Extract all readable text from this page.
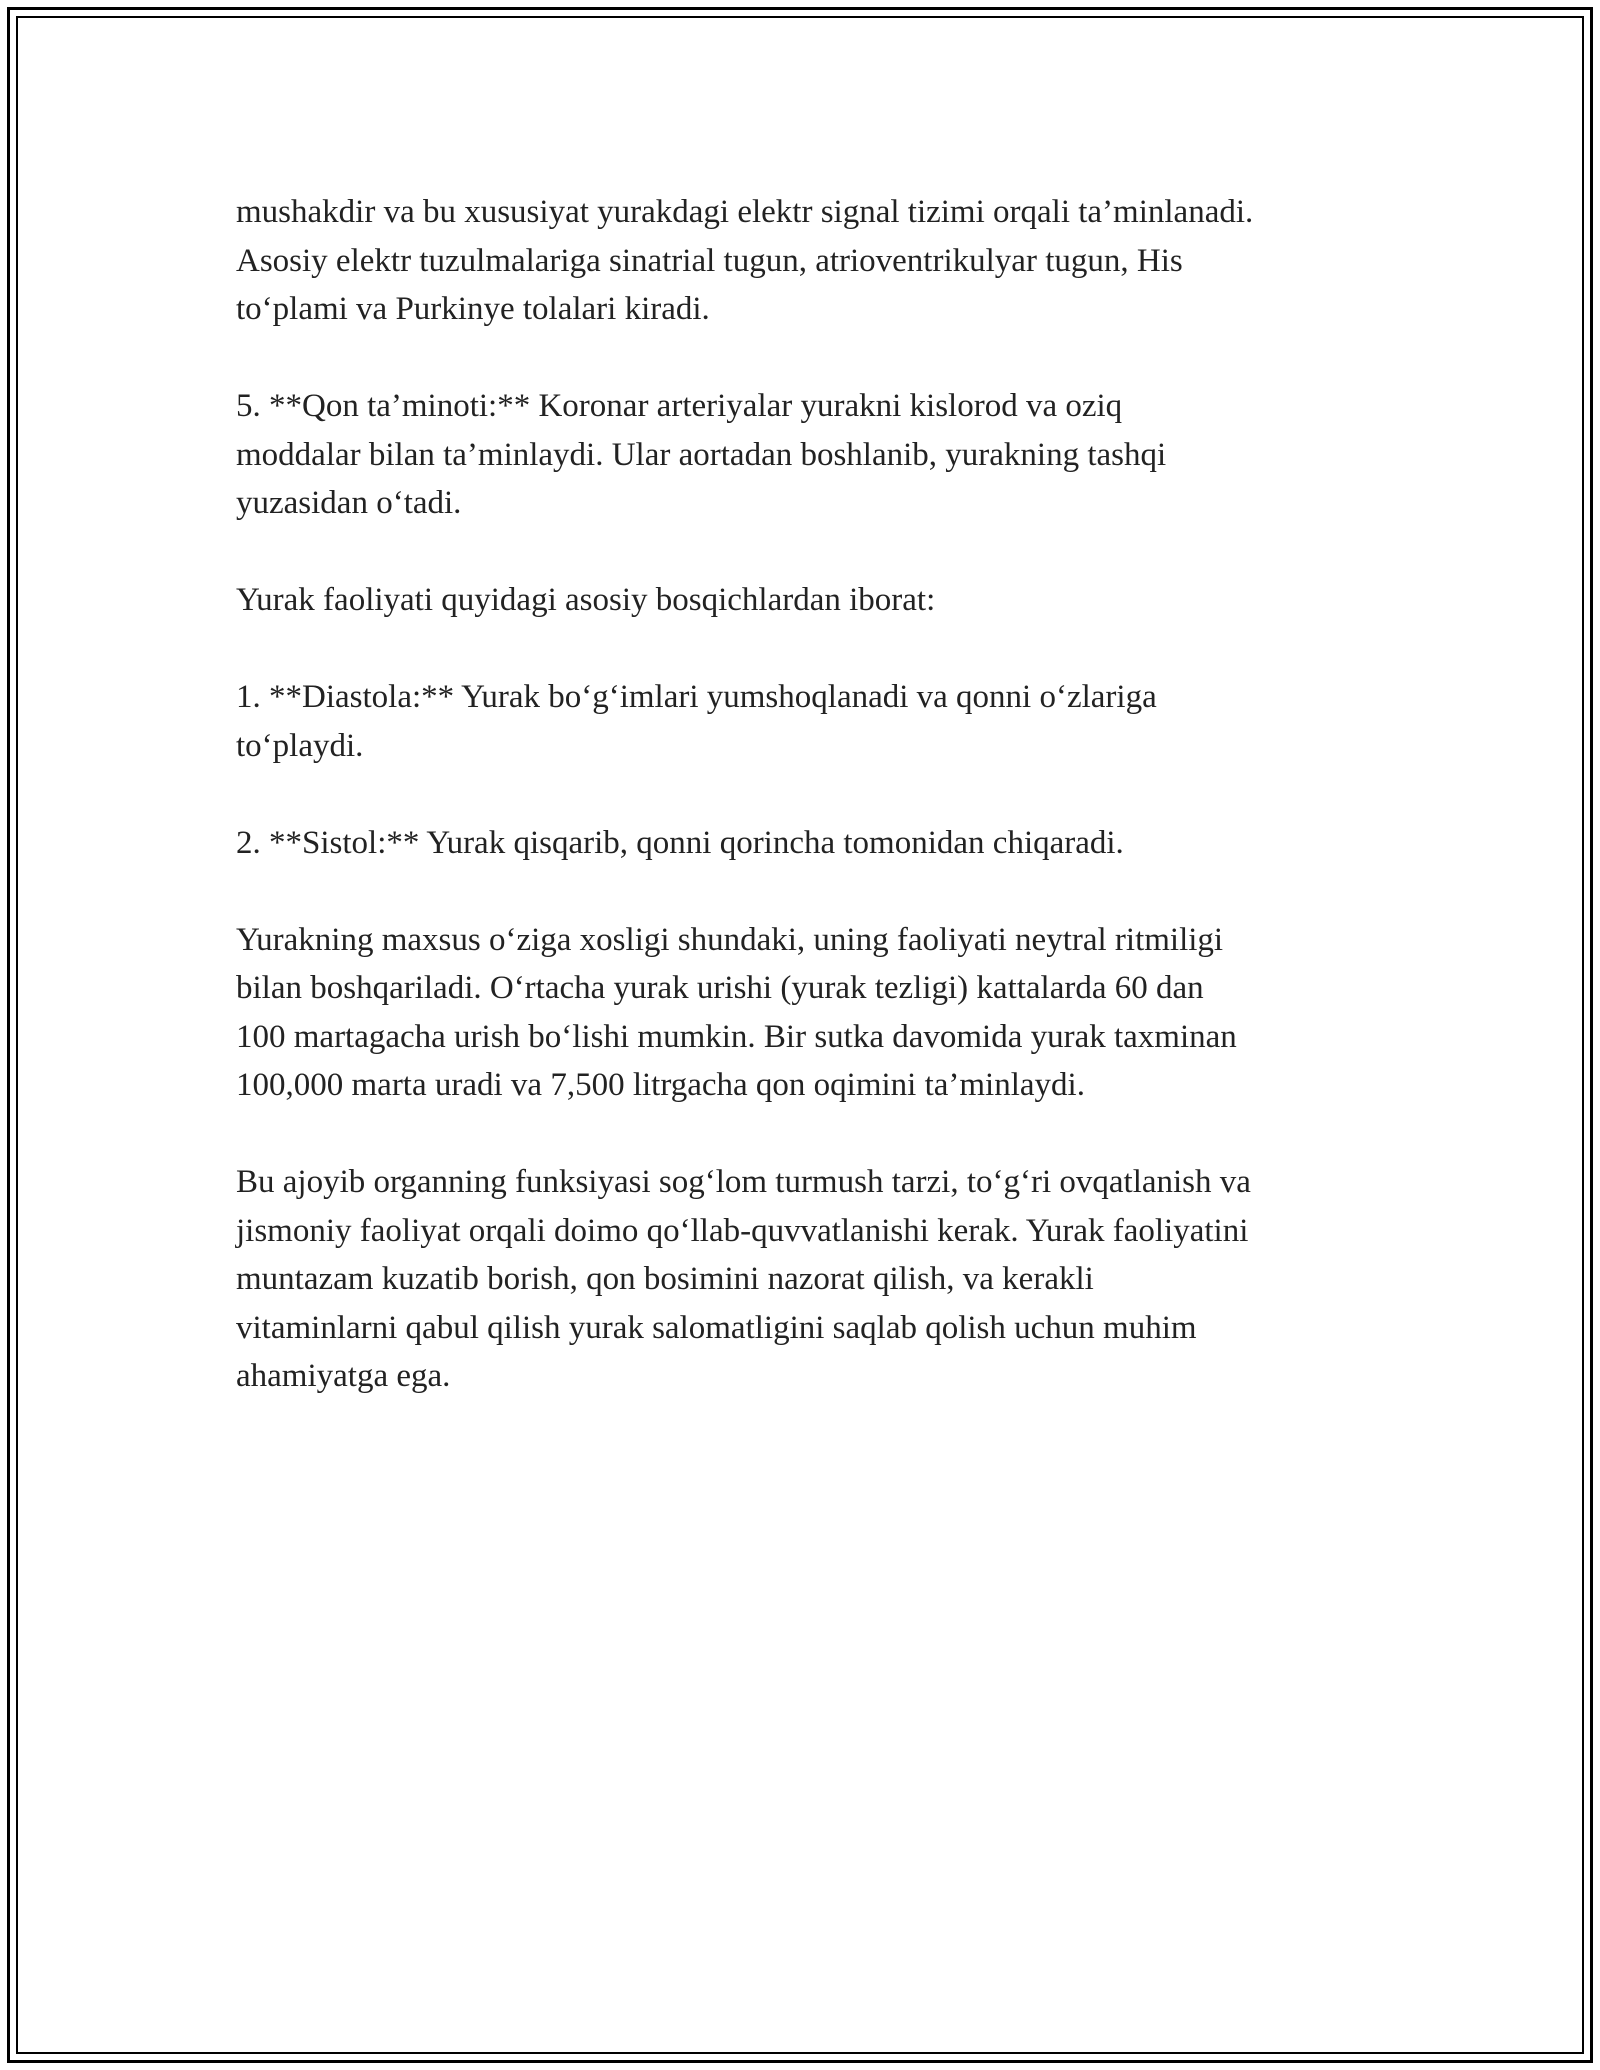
mushakdir va bu xususiyat yurakdagi elektr signal tizimi orqali ta’minlanadi.
Asosiy elektr tuzulmalariga sinatrial tugun, atrioventrikulyar tugun, His
to‘plami va Purkinye tolalari kiradi.

5. **Qon ta’minoti:** Koronar arteriyalar yurakni kislorod va oziq
moddalar bilan ta’minlaydi. Ular aortadan boshlanib, yurakning tashqi
yuzasidan o‘tadi.

Yurak faoliyati quyidagi asosiy bosqichlardan iborat:

1. **Diastola:** Yurak bo‘g‘imlari yumshoqlanadi va qonni o‘zlariga
to‘playdi.

2. **Sistol:** Yurak qisqarib, qonni qorincha tomonidan chiqaradi.

Yurakning maxsus o‘ziga xosligi shundaki, uning faoliyati neytral ritmiligi
bilan boshqariladi. O‘rtacha yurak urishi (yurak tezligi) kattalarda 60 dan
100 martagacha urish bo‘lishi mumkin. Bir sutka davomida yurak taxminan
100,000 marta uradi va 7,500 litrgacha qon oqimini ta’minlaydi.

Bu ajoyib organning funksiyasi sog‘lom turmush tarzi, to‘g‘ri ovqatlanish va
jismoniy faoliyat orqali doimo qo‘llab-quvvatlanishi kerak. Yurak faoliyatini
muntazam kuzatib borish, qon bosimini nazorat qilish, va kerakli
vitaminlarni qabul qilish yurak salomatligini saqlab qolish uchun muhim
ahamiyatga ega.
